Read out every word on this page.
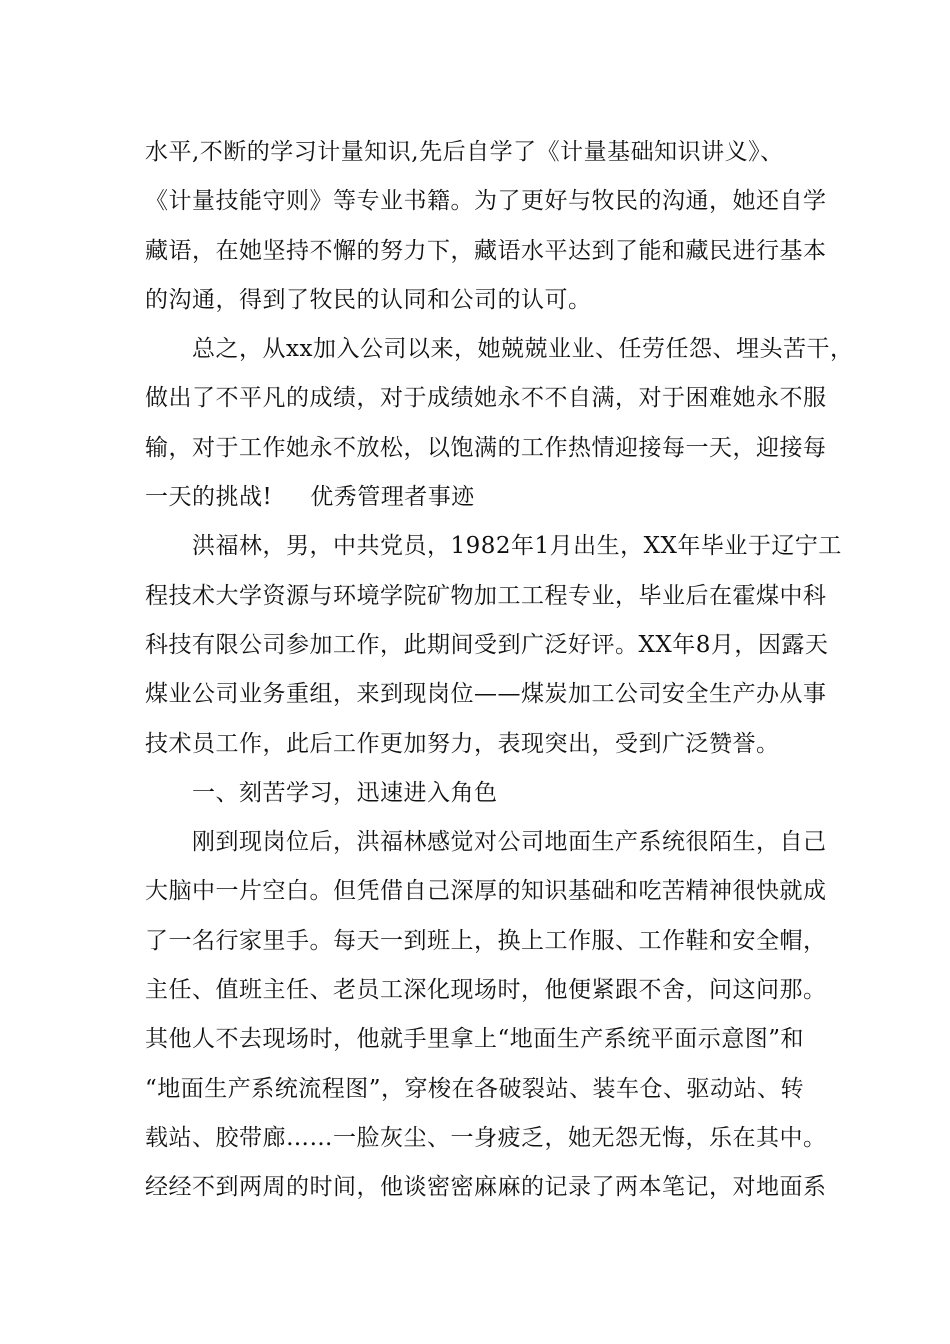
水平,不断的学习计量知识,先后自学了《计量基础知识讲义》、
《计量技能守则》等专业书籍。为了更好与牧民的沟通，她还自学
藏语，在她坚持不懈的努力下，藏语水平达到了能和藏民进行基本
的沟通，得到了牧民的认同和公司的认可。
总之，从xx加入公司以来，她兢兢业业、任劳任怨、埋头苦干，
做出了不平凡的成绩，对于成绩她永不不自满，对于困难她永不服
输，对于工作她永不放松，以饱满的工作热情迎接每一天，迎接每
一天的挑战! 优秀管理者事迹
洪福林，男，中共党员，1982年1月出生，XX年毕业于辽宁工
程技术大学资源与环境学院矿物加工工程专业，毕业后在霍煤中科
科技有限公司参加工作，此期间受到广泛好评。XX年8月，因露天
煤业公司业务重组，来到现岗位——煤炭加工公司安全生产办从事
技术员工作，此后工作更加努力，表现突出，受到广泛赞誉。
一、刻苦学习，迅速进入角色
刚到现岗位后，洪福林感觉对公司地面生产系统很陌生，自己
大脑中一片空白。但凭借自己深厚的知识基础和吃苦精神很快就成
了一名行家里手。每天一到班上，换上工作服、工作鞋和安全帽，
主任、值班主任、老员工深化现场时，他便紧跟不舍，问这问那。
其他人不去现场时，他就手里拿上“地面生产系统平面示意图”和
“地面生产系统流程图”，穿梭在各破裂站、装车仓、驱动站、转
载站、胶带廊……一脸灰尘、一身疲乏，她无怨无悔，乐在其中。
经经不到两周的时间，他谈密密麻麻的记录了两本笔记，对地面系
